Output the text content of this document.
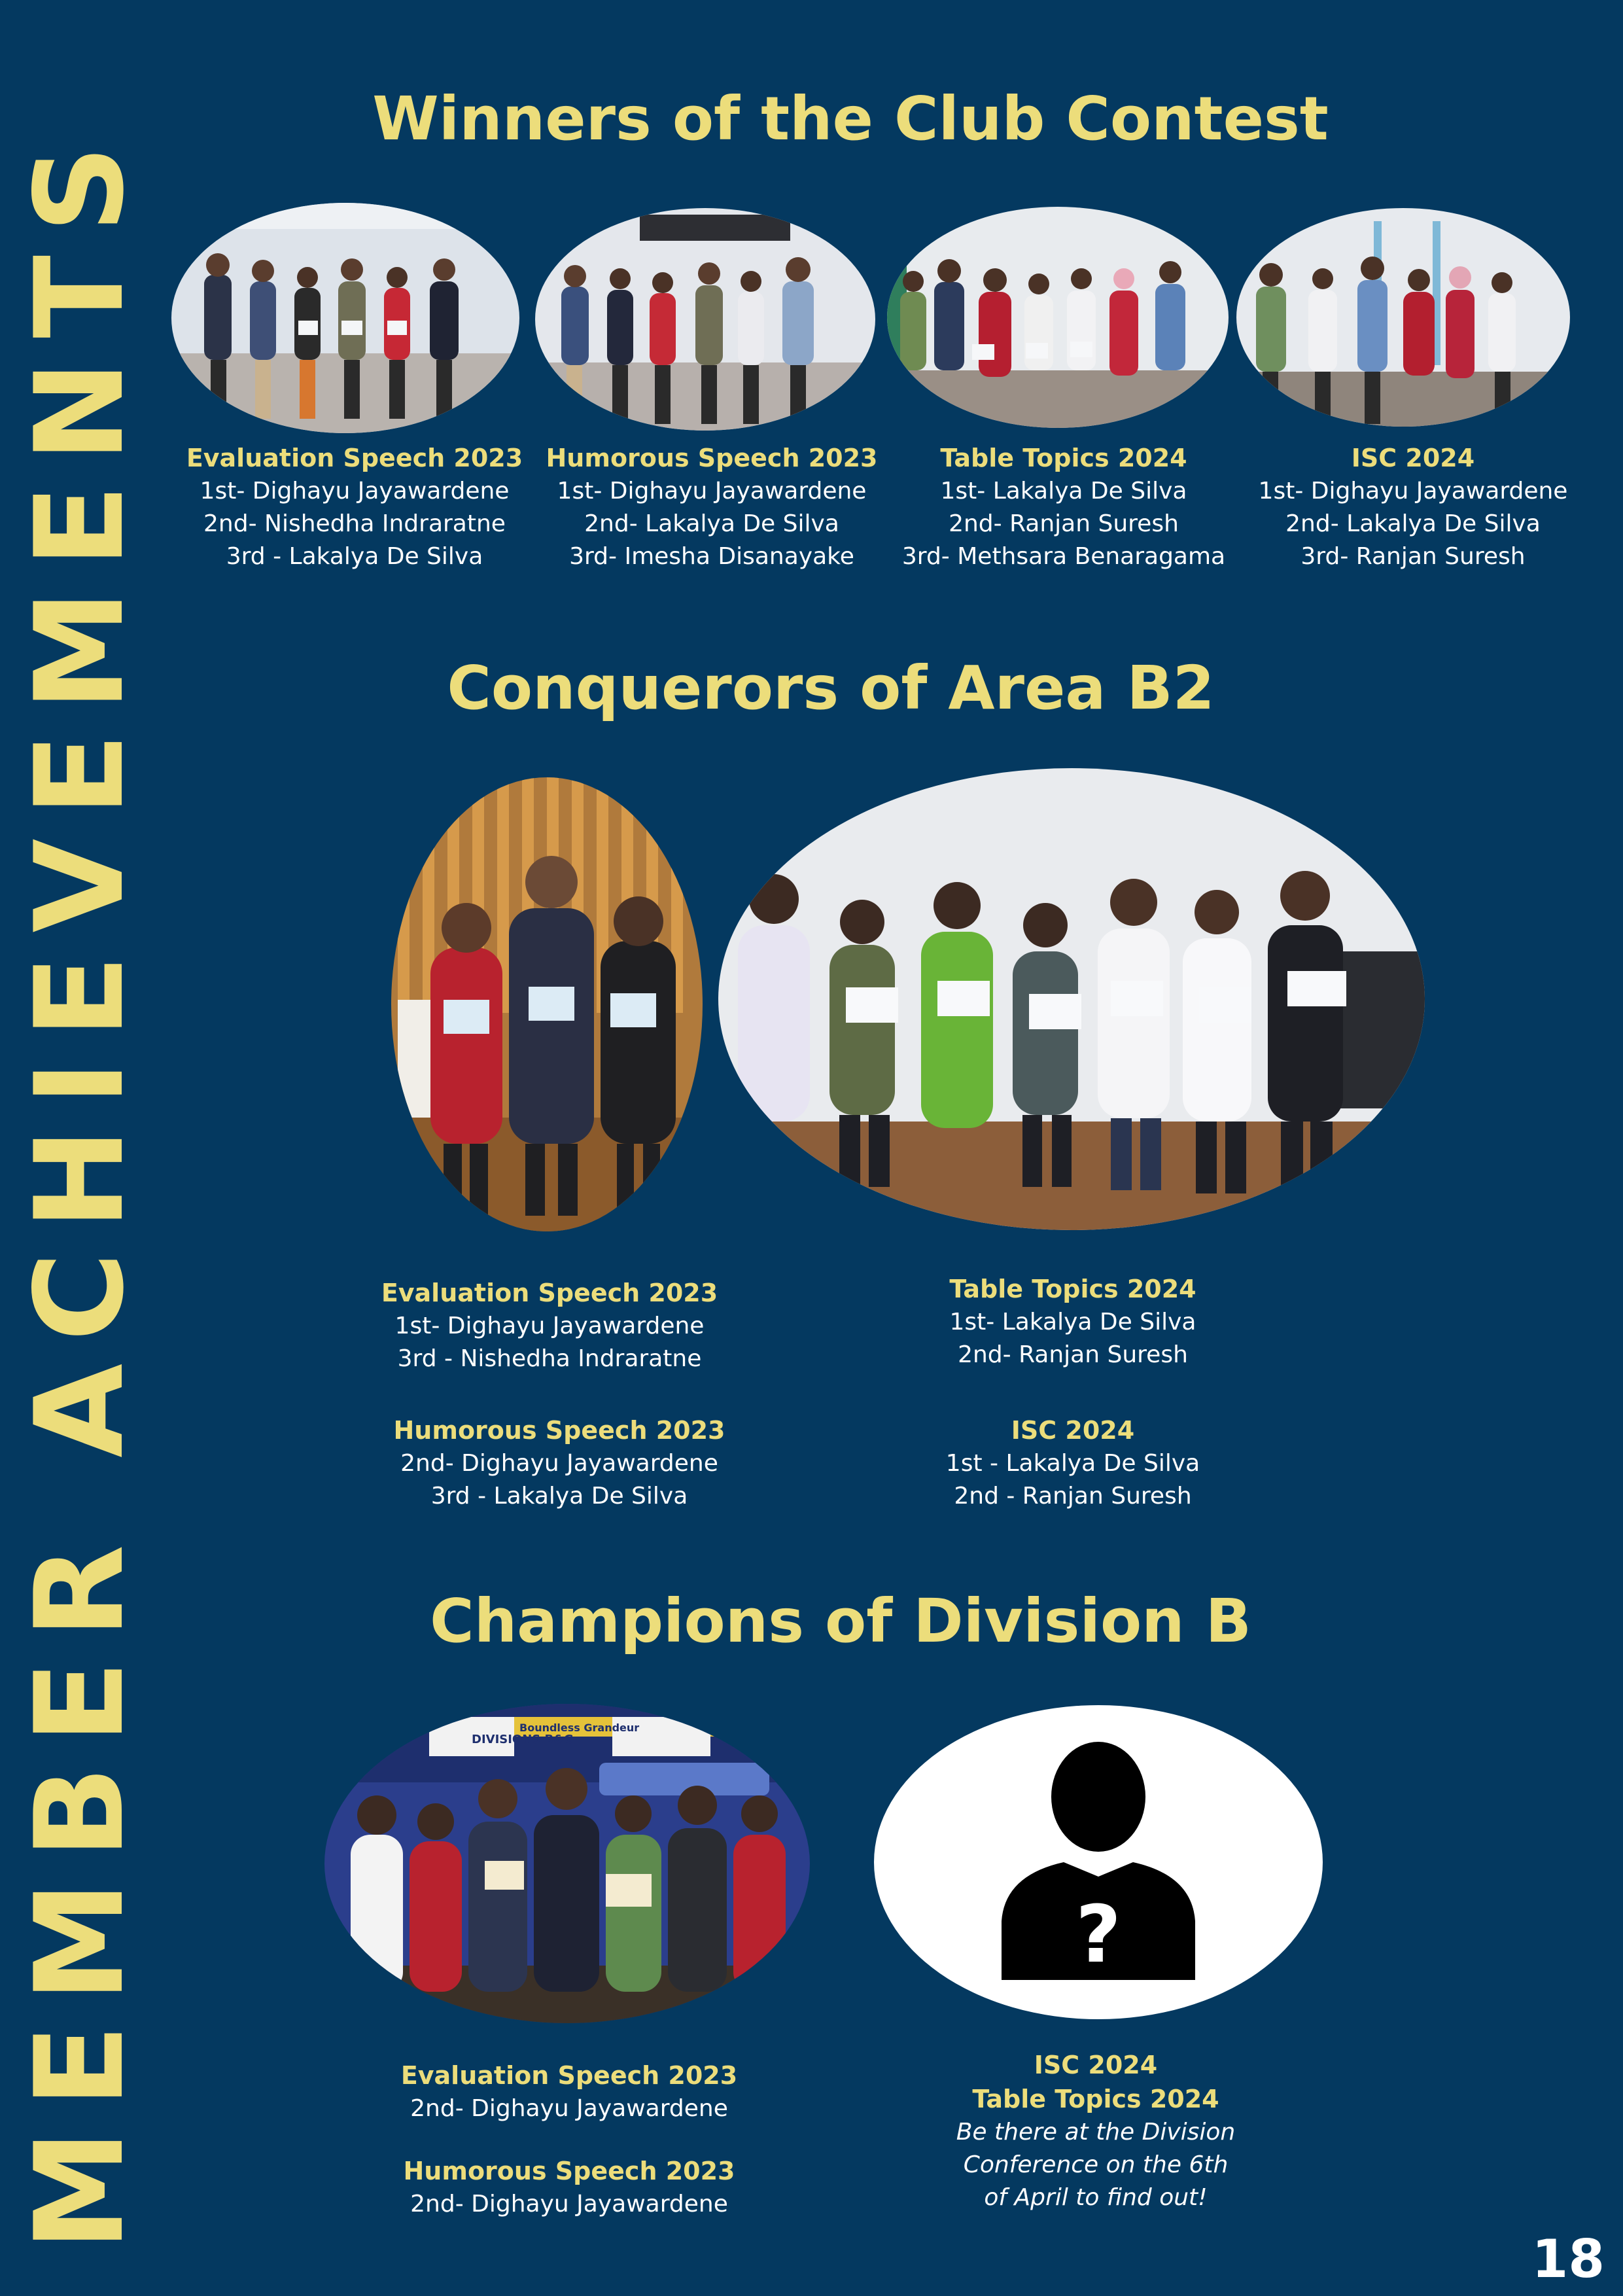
MEMBER ACHIEVEMENTS
Winners of the Club Contest
Evaluation Speech 2023
1st- Dighayu Jayawardene
2nd- Nishedha Indraratne
3rd - Lakalya De Silva
Humorous Speech 2023
1st- Dighayu Jayawardene
2nd- Lakalya De Silva
3rd- Imesha Disanayake
Table Topics 2024
1st- Lakalya De Silva
2nd- Ranjan Suresh
3rd- Methsara Benaragama
ISC 2024
1st- Dighayu Jayawardene
2nd- Lakalya De Silva
3rd- Ranjan Suresh
Conquerors of Area B2
Evaluation Speech 2023
1st- Dighayu Jayawardene
3rd - Nishedha Indraratne
Humorous Speech 2023
2nd- Dighayu Jayawardene
3rd - Lakalya De Silva
Table Topics 2024
1st- Lakalya De Silva
2nd- Ranjan Suresh
ISC 2024
1st - Lakalya De Silva
2nd - Ranjan Suresh
Champions of Division B
DIVISIONS B&G
Boundless Grandeur
?
Evaluation Speech 2023
2nd- Dighayu Jayawardene
Humorous Speech 2023
2nd- Dighayu Jayawardene
ISC 2024
Table Topics 2024
Be there at the Division
Conference on the 6th
of April to find out!
18
